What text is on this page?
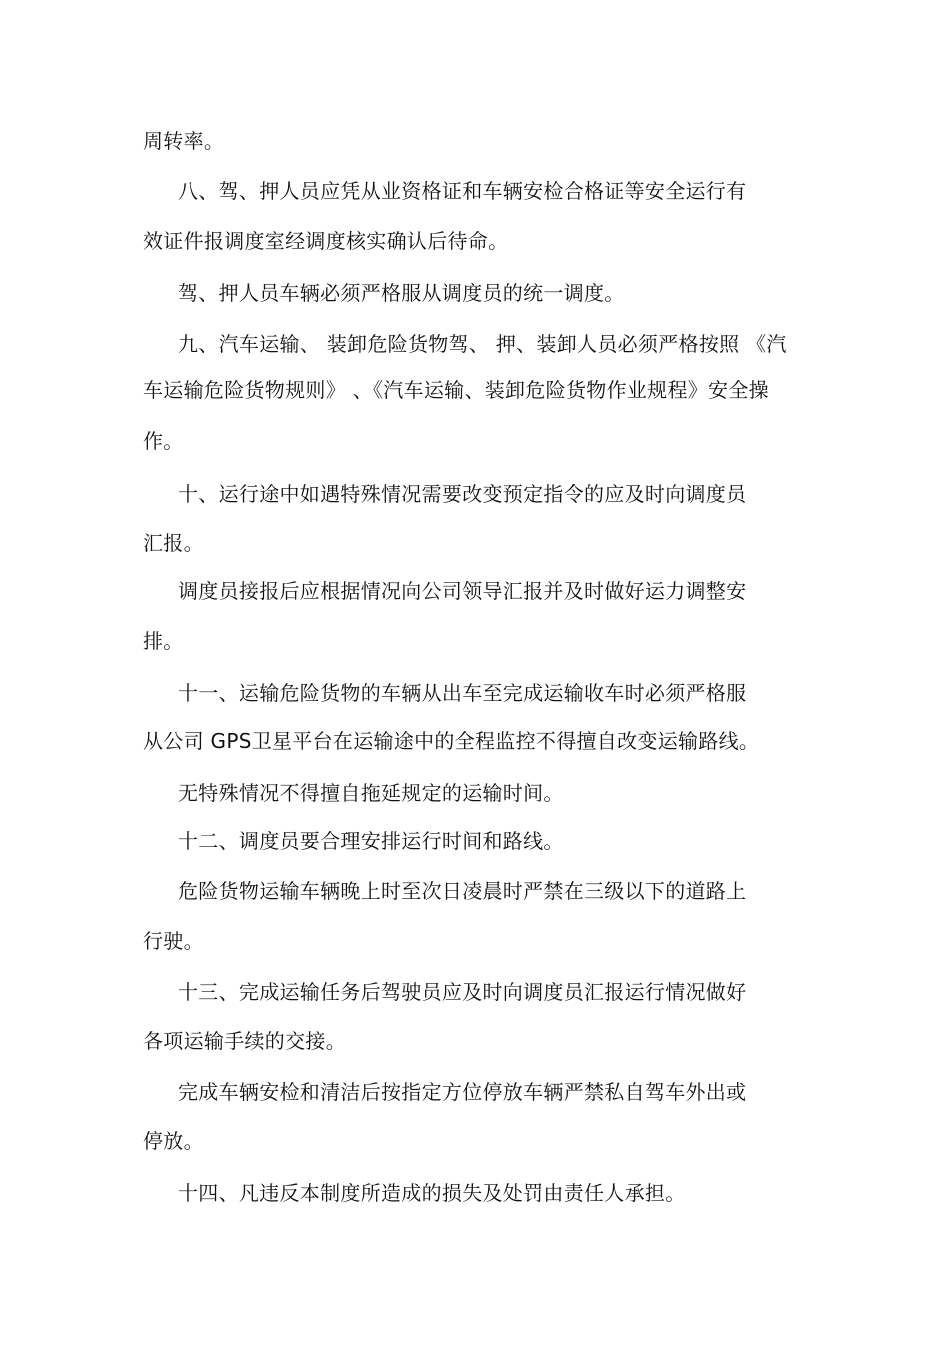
周转率。
八、驾、押人员应凭从业资格证和车辆安检合格证等安全运行有
效证件报调度室经调度核实确认后待命。
驾、押人员车辆必须严格服从调度员的统一调度。
九、汽车运输、 装卸危险货物驾、 押、装卸人员必须严格按照 《汽
车运输危险货物规则》 、《汽车运输、装卸危险货物作业规程》安全操
作。
十、运行途中如遇特殊情况需要改变预定指令的应及时向调度员
汇报。
调度员接报后应根据情况向公司领导汇报并及时做好运力调整安
排。
十一、运输危险货物的车辆从出车至完成运输收车时必须严格服
从公司 GPS卫星平台在运输途中的全程监控不得擅自改变运输路线。
无特殊情况不得擅自拖延规定的运输时间。
十二、调度员要合理安排运行时间和路线。
危险货物运输车辆晚上时至次日凌晨时严禁在三级以下的道路上
行驶。
十三、完成运输任务后驾驶员应及时向调度员汇报运行情况做好
各项运输手续的交接。
完成车辆安检和清洁后按指定方位停放车辆严禁私自驾车外出或
停放。
十四、凡违反本制度所造成的损失及处罚由责任人承担。
